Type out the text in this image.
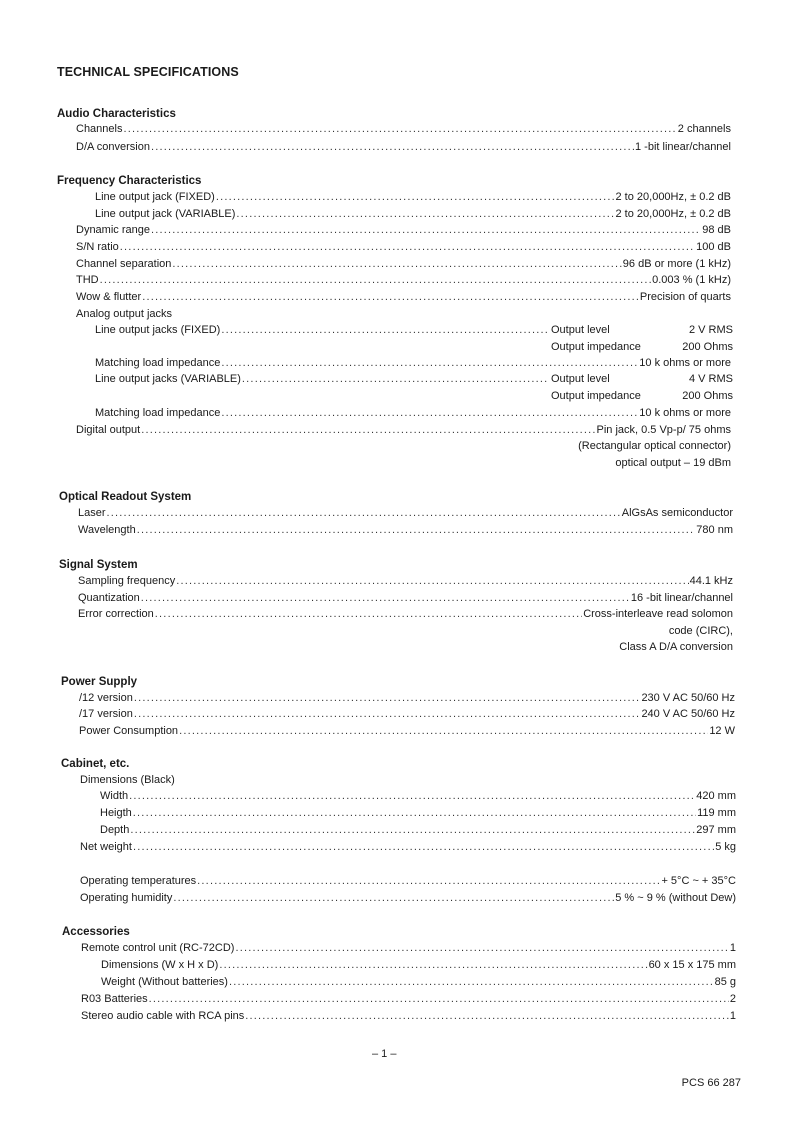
TECHNICAL SPECIFICATIONS
Audio Characteristics
Channels .....	2 channels
D/A conversion .....	1 -bit linear/channel
Frequency Characteristics
Line output jack (FIXED) .....	2 to 20,000Hz, ± 0.2 dB
Line output jack (VARIABLE) .....	2 to 20,000Hz, ± 0.2 dB
Dynamic range .....	98 dB
S/N ratio .....	100 dB
Channel separation .....	96 dB or more (1 kHz)
THD .....	0.003 % (1 kHz)
Wow & flutter .....	Precision of quarts
Analog output jacks
Line output jacks (FIXED) .....	Output level	2 V RMS
Output impedance	200 Ohms
Matching load impedance .....	10 k ohms or more
Line output jacks (VARIABLE) .....	Output level	4 V RMS
Output impedance	200 Ohms
Matching load impedance .....	10 k ohms or more
Digital output .....	Pin jack, 0.5 Vp-p/ 75 ohms
(Rectangular optical connector)
optical output – 19 dBm
Optical Readout System
Laser .....	AlGsAs semiconductor
Wavelength .....	780 nm
Signal System
Sampling frequency .....	44.1 kHz
Quantization .....	16 -bit linear/channel
Error correction .....	Cross-interleave read solomon
code (CIRC),
Class A D/A conversion
Power Supply
/12 version .....	230 V AC 50/60 Hz
/17 version .....	240 V AC 50/60 Hz
Power Consumption .....	12 W
Cabinet, etc.
Dimensions (Black)
Width .....	420 mm
Heigth .....	119 mm
Depth .....	297 mm
Net weight .....	5 kg
Operating temperatures .....	+ 5°C ~ + 35°C
Operating humidity .....	5 % ~ 9 % (without Dew)
Accessories
Remote control unit (RC-72CD) .....	1
Dimensions (W x H x D) .....	60 x 15 x 175 mm
Weight (Without batteries) .....	85 g
R03 Batteries .....	2
Stereo audio cable with RCA pins .....	1
– 1 –
PCS 66 287
